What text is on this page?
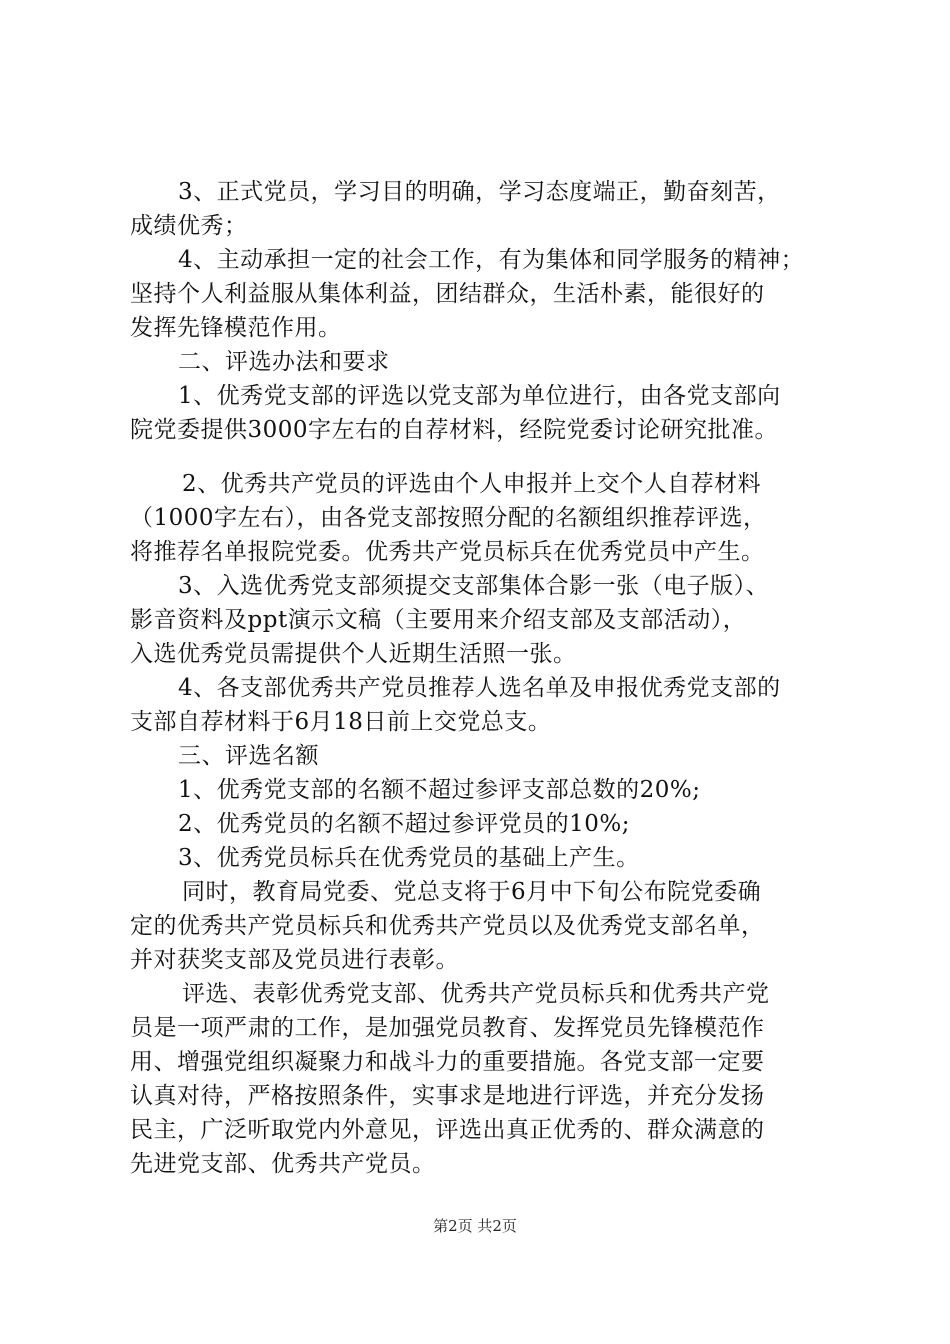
3、正式党员，学习目的明确，学习态度端正，勤奋刻苦，
成绩优秀；
4、主动承担一定的社会工作，有为集体和同学服务的精神；
坚持个人利益服从集体利益，团结群众，生活朴素，能很好的
发挥先锋模范作用。
二、评选办法和要求
1、优秀党支部的评选以党支部为单位进行，由各党支部向
院党委提供3000字左右的自荐材料，经院党委讨论研究批准。
2、优秀共产党员的评选由个人申报并上交个人自荐材料
（1000字左右），由各党支部按照分配的名额组织推荐评选，
将推荐名单报院党委。优秀共产党员标兵在优秀党员中产生。
3、入选优秀党支部须提交支部集体合影一张（电子版）、
影音资料及ppt演示文稿（主要用来介绍支部及支部活动），
入选优秀党员需提供个人近期生活照一张。
4、各支部优秀共产党员推荐人选名单及申报优秀党支部的
支部自荐材料于6月18日前上交党总支。
三、评选名额
1、优秀党支部的名额不超过参评支部总数的20%;
2、优秀党员的名额不超过参评党员的10%;
3、优秀党员标兵在优秀党员的基础上产生。
同时，教育局党委、党总支将于6月中下旬公布院党委确
定的优秀共产党员标兵和优秀共产党员以及优秀党支部名单，
并对获奖支部及党员进行表彰。
评选、表彰优秀党支部、优秀共产党员标兵和优秀共产党
员是一项严肃的工作，是加强党员教育、发挥党员先锋模范作
用、增强党组织凝聚力和战斗力的重要措施。各党支部一定要
认真对待，严格按照条件，实事求是地进行评选，并充分发扬
民主，广泛听取党内外意见，评选出真正优秀的、群众满意的
先进党支部、优秀共产党员。
第2页 共2页
